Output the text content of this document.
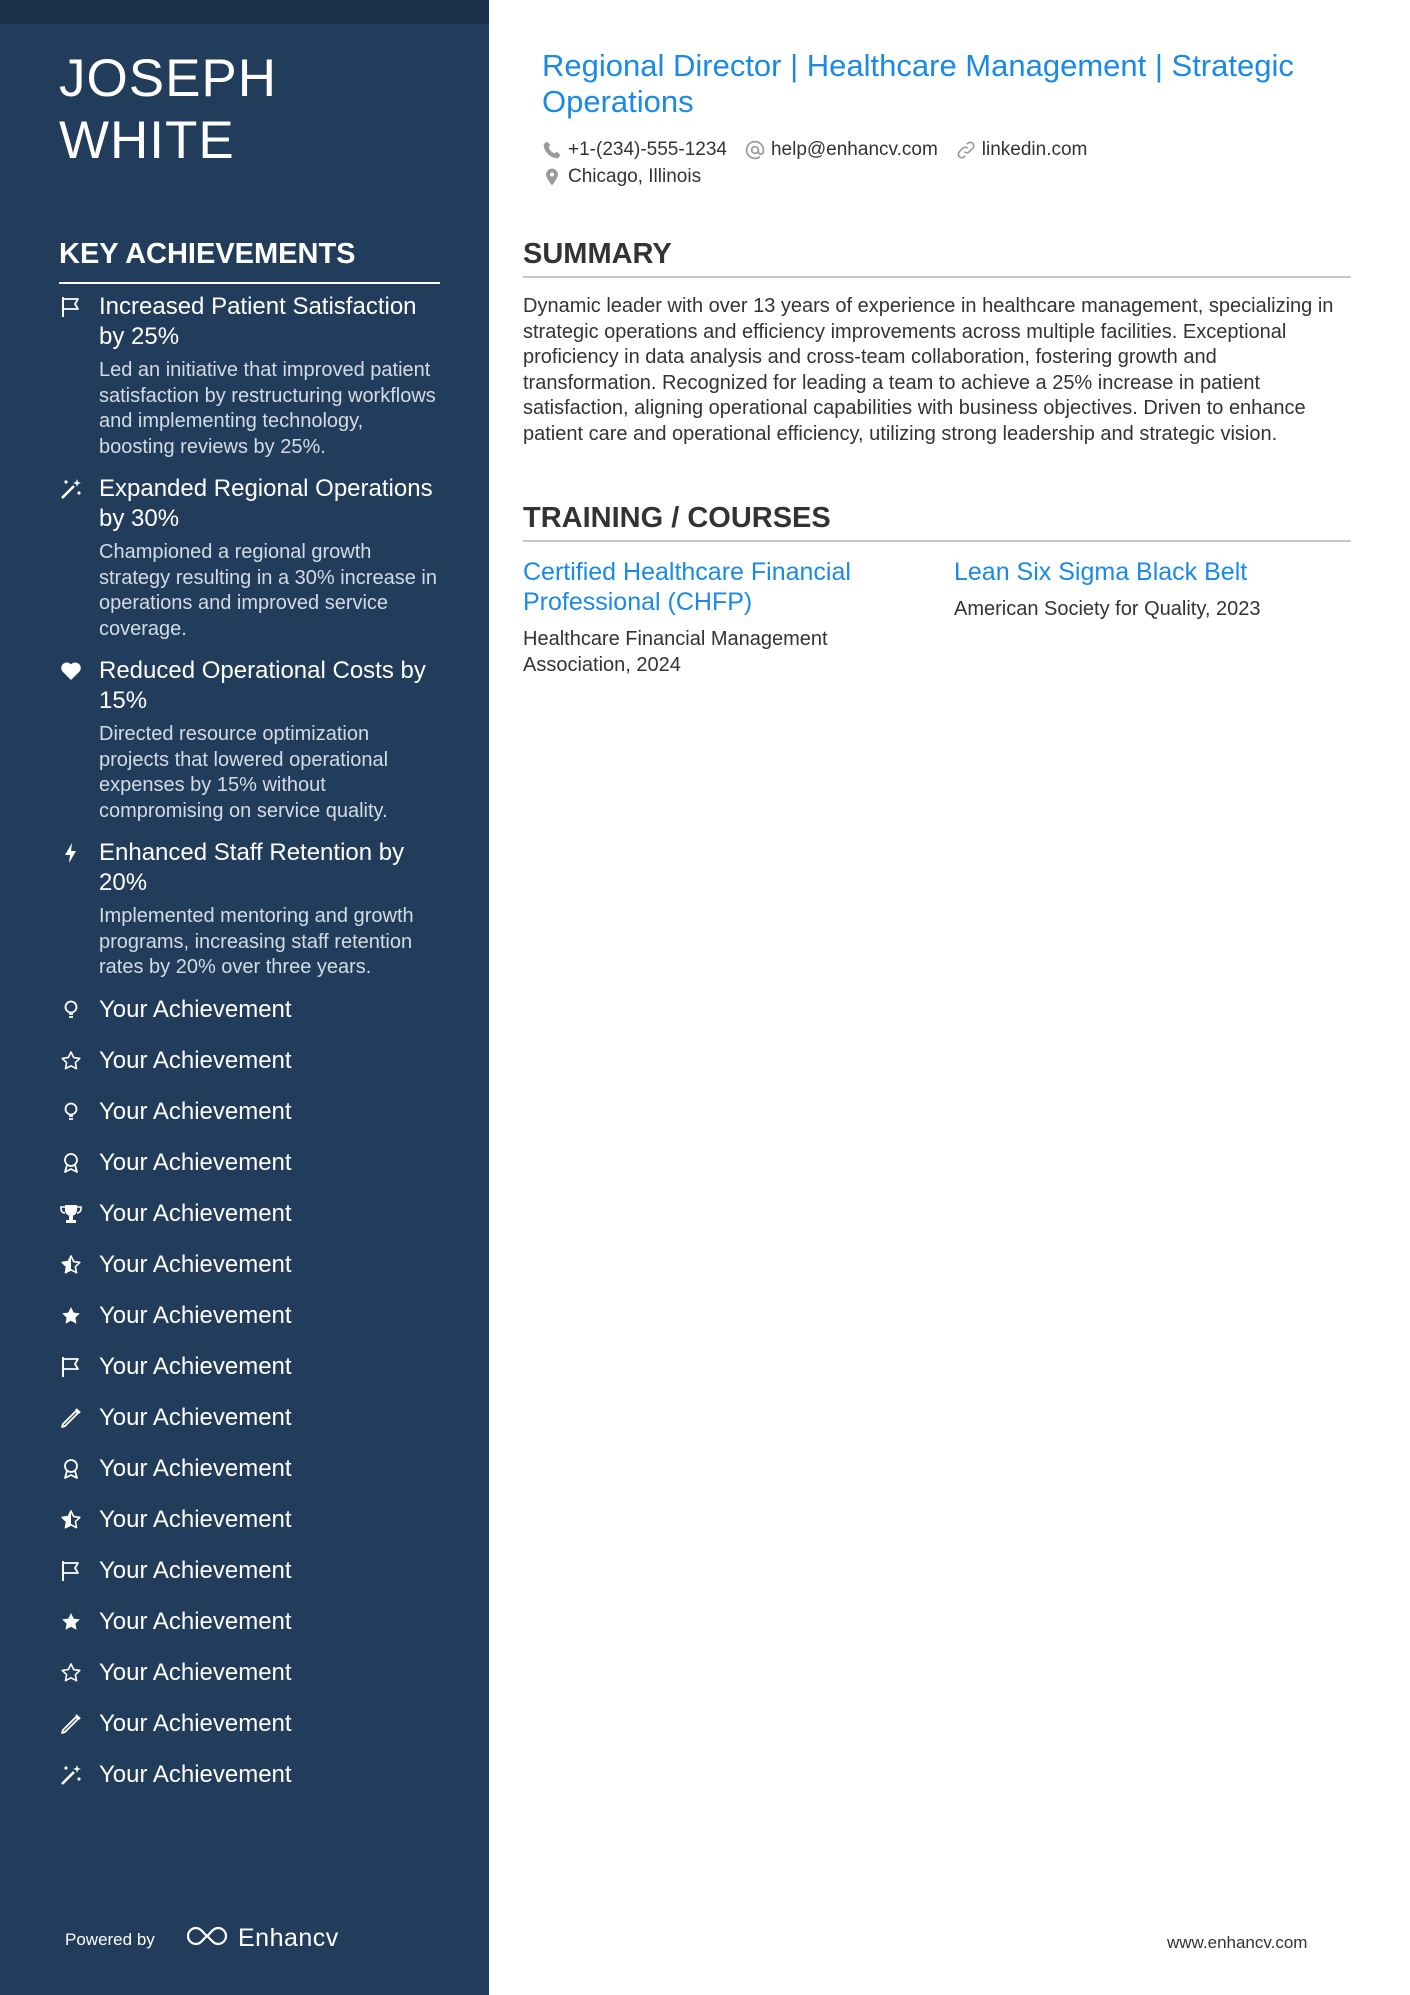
JOSEPH WHITE
KEY ACHIEVEMENTS
Increased Patient Satisfaction by 25%
Led an initiative that improved patient satisfaction by restructuring workflows and implementing technology, boosting reviews by 25%.
Expanded Regional Operations by 30%
Championed a regional growth strategy resulting in a 30% increase in operations and improved service coverage.
Reduced Operational Costs by 15%
Directed resource optimization projects that lowered operational expenses by 15% without compromising on service quality.
Enhanced Staff Retention by 20%
Implemented mentoring and growth programs, increasing staff retention rates by 20% over three years.
Your Achievement
Your Achievement
Your Achievement
Your Achievement
Your Achievement
Your Achievement
Your Achievement
Your Achievement
Your Achievement
Your Achievement
Your Achievement
Your Achievement
Your Achievement
Your Achievement
Your Achievement
Your Achievement
Powered by	Enhancv
Regional Director | Healthcare Management | Strategic Operations
+1-(234)-555-1234 help@enhancv.com linkedin.com
Chicago, Illinois
SUMMARY

Dynamic leader with over 13 years of experience in healthcare management, specializing in strategic operations and efficiency improvements across multiple facilities. Exceptional proficiency in data analysis and cross-team collaboration, fostering growth and transformation. Recognized for leading a team to achieve a 25% increase in patient satisfaction, aligning operational capabilities with business objectives. Driven to enhance patient care and operational efficiency, utilizing strong leadership and strategic vision.

TRAINING / COURSES
Certified Healthcare Financial Professional (CHFP)
Healthcare Financial Management Association, 2024
Lean Six Sigma Black Belt
American Society for Quality, 2023
www.enhancv.com
